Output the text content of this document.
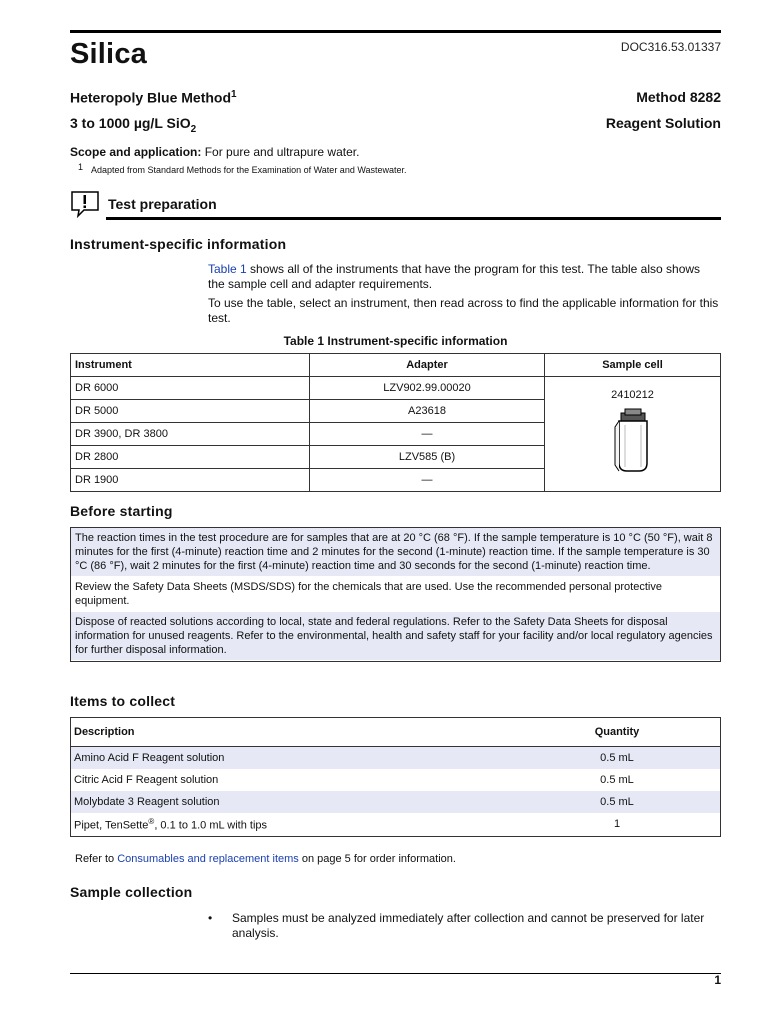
Silica	DOC316.53.01337
Heteropoly Blue Method$^1$	Method 8282
3 to 1000 µg/L SiO$_2$	Reagent Solution
Scope and application: For pure and ultrapure water.
1 Adapted from Standard Methods for the Examination of Water and Wastewater.
Test preparation
Instrument-specific information
Table 1 shows all of the instruments that have the program for this test. The table also shows the sample cell and adapter requirements.
To use the table, select an instrument, then read across to find the applicable information for this test.
Table 1 Instrument-specific information
Instrument	Adapter	Sample cell
DR 6000	LZV902.99.00020	2410212

DR 5000	A23618	
DR 3900, DR 3800	—	
DR 2800	LZV585 (B)	
DR 1900	—	
Before starting
The reaction times in the test procedure are for samples that are at 20 °C (68 °F). If the sample temperature is 10 °C (50 °F), wait 8 minutes for the first (4-minute) reaction time and 2 minutes for the second (1-minute) reaction time. If the sample temperature is 30 °C (86 °F), wait 2 minutes for the first (4-minute) reaction time and 30 seconds for the second (1-minute) reaction time.
Review the Safety Data Sheets (MSDS/SDS) for the chemicals that are used. Use the recommended personal protective equipment.
Dispose of reacted solutions according to local, state and federal regulations. Refer to the Safety Data Sheets for disposal information for unused reagents. Refer to the environmental, health and safety staff for your facility and/or local regulatory agencies for further disposal information.
Items to collect
Description	Quantity
Amino Acid F Reagent solution	0.5 mL
Citric Acid F Reagent solution	0.5 mL
Molybdate 3 Reagent solution	0.5 mL
Pipet, TenSette®, 0.1 to 1.0 mL with tips	1
Refer to Consumables and replacement items on page 5 for order information.
Sample collection
• Samples must be analyzed immediately after collection and cannot be preserved for later analysis.
1
